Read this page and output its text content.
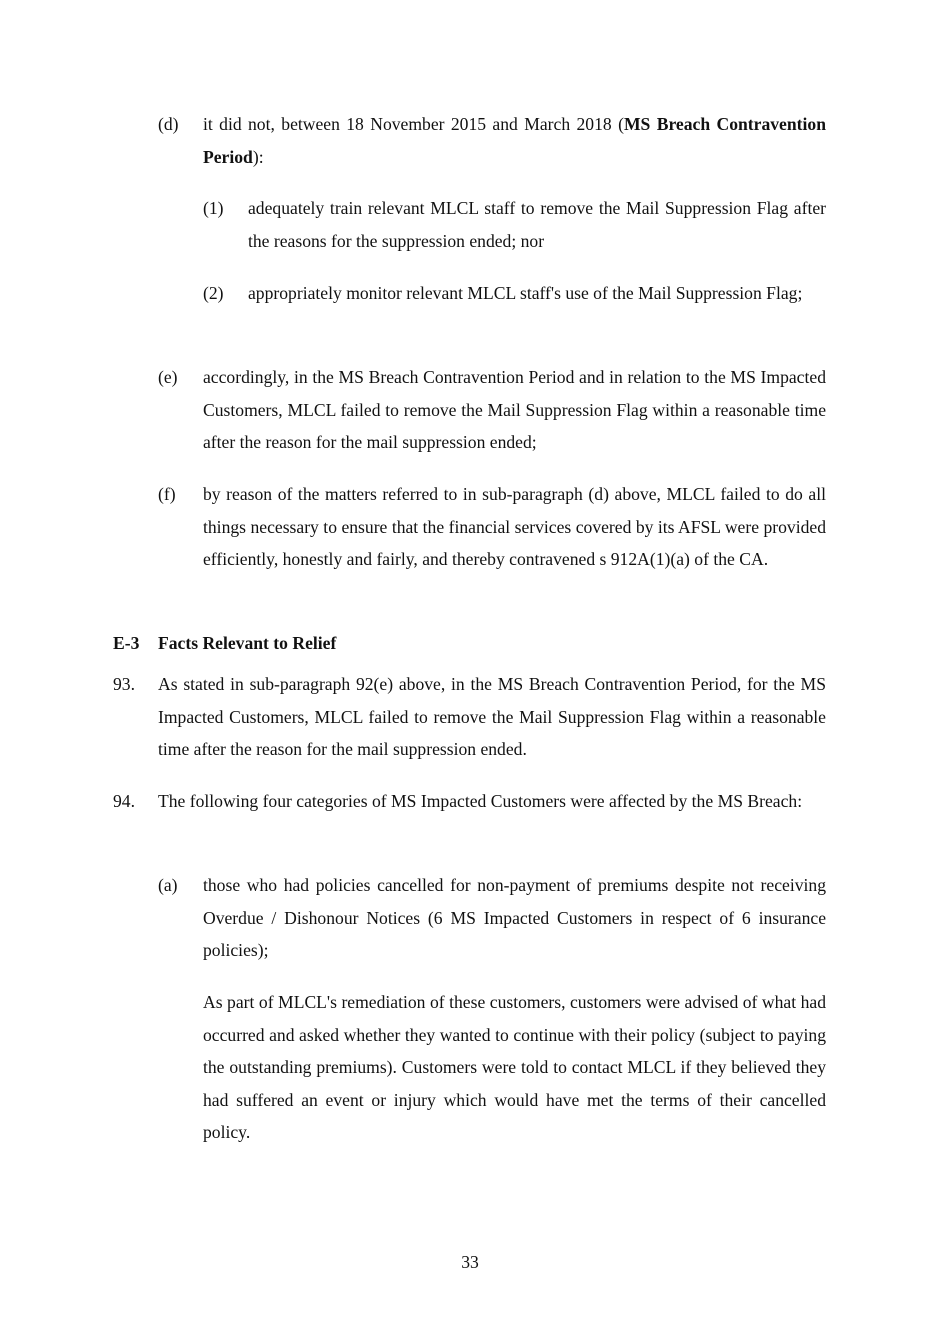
(d) it did not, between 18 November 2015 and March 2018 (MS Breach Contravention Period):
(1) adequately train relevant MLCL staff to remove the Mail Suppression Flag after the reasons for the suppression ended; nor
(2) appropriately monitor relevant MLCL staff's use of the Mail Suppression Flag;
(e) accordingly, in the MS Breach Contravention Period and in relation to the MS Impacted Customers, MLCL failed to remove the Mail Suppression Flag within a reasonable time after the reason for the mail suppression ended;
(f) by reason of the matters referred to in sub-paragraph (d) above, MLCL failed to do all things necessary to ensure that the financial services covered by its AFSL were provided efficiently, honestly and fairly, and thereby contravened s 912A(1)(a) of the CA.
E-3 Facts Relevant to Relief
93. As stated in sub-paragraph 92(e) above, in the MS Breach Contravention Period, for the MS Impacted Customers, MLCL failed to remove the Mail Suppression Flag within a reasonable time after the reason for the mail suppression ended.
94. The following four categories of MS Impacted Customers were affected by the MS Breach:
(a) those who had policies cancelled for non-payment of premiums despite not receiving Overdue / Dishonour Notices (6 MS Impacted Customers in respect of 6 insurance policies);
As part of MLCL's remediation of these customers, customers were advised of what had occurred and asked whether they wanted to continue with their policy (subject to paying the outstanding premiums). Customers were told to contact MLCL if they believed they had suffered an event or injury which would have met the terms of their cancelled policy.
33
